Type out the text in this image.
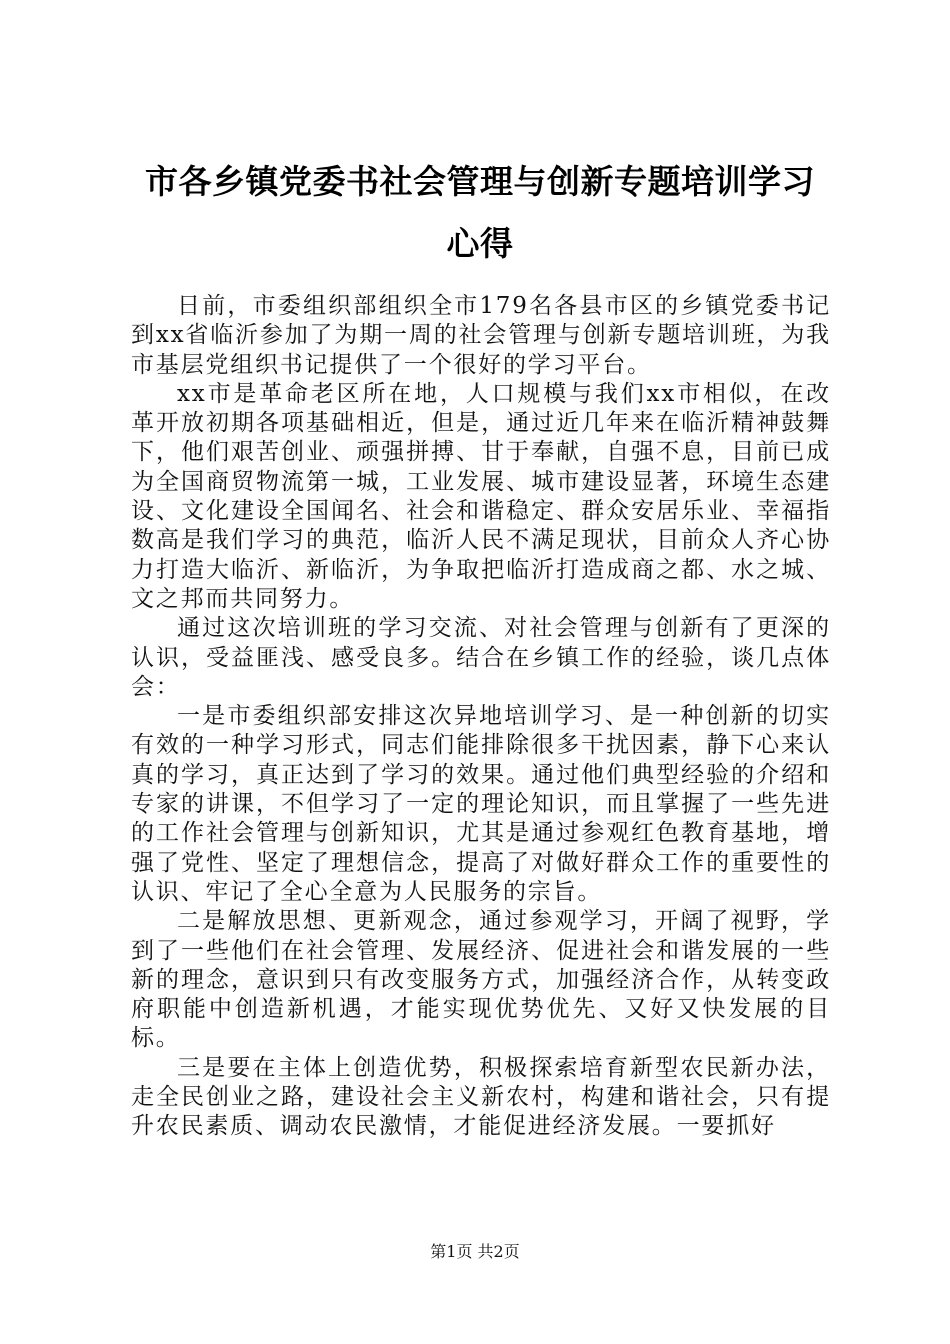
市各乡镇党委书社会管理与创新专题培训学习
心得

日前，市委组织部组织全市179名各县市区的乡镇党委书记到xx省临沂参加了为期一周的社会管理与创新专题培训班，为我市基层党组织书记提供了一个很好的学习平台。

xx市是革命老区所在地，人口规模与我们xx市相似，在改革开放初期各项基础相近，但是，通过近几年来在临沂精神鼓舞下，他们艰苦创业、顽强拼搏、甘于奉献，自强不息，目前已成为全国商贸物流第一城，工业发展、城市建设显著，环境生态建设、文化建设全国闻名、社会和谐稳定、群众安居乐业、幸福指数高是我们学习的典范，临沂人民不满足现状，目前众人齐心协力打造大临沂、新临沂，为争取把临沂打造成商之都、水之城、文之邦而共同努力。

通过这次培训班的学习交流、对社会管理与创新有了更深的认识，受益匪浅、感受良多。结合在乡镇工作的经验，谈几点体会：

一是市委组织部安排这次异地培训学习、是一种创新的切实有效的一种学习形式，同志们能排除很多干扰因素，静下心来认真的学习，真正达到了学习的效果。通过他们典型经验的介绍和专家的讲课，不但学习了一定的理论知识，而且掌握了一些先进的工作社会管理与创新知识，尤其是通过参观红色教育基地，增强了党性、坚定了理想信念，提高了对做好群众工作的重要性的认识、牢记了全心全意为人民服务的宗旨。

二是解放思想、更新观念，通过参观学习，开阔了视野，学到了一些他们在社会管理、发展经济、促进社会和谐发展的一些新的理念，意识到只有改变服务方式，加强经济合作，从转变政府职能中创造新机遇，才能实现优势优先、又好又快发展的目标。

三是要在主体上创造优势，积极探索培育新型农民新办法，走全民创业之路，建设社会主义新农村，构建和谐社会，只有提升农民素质、调动农民激情，才能促进经济发展。一要抓好

第1页 共2页
